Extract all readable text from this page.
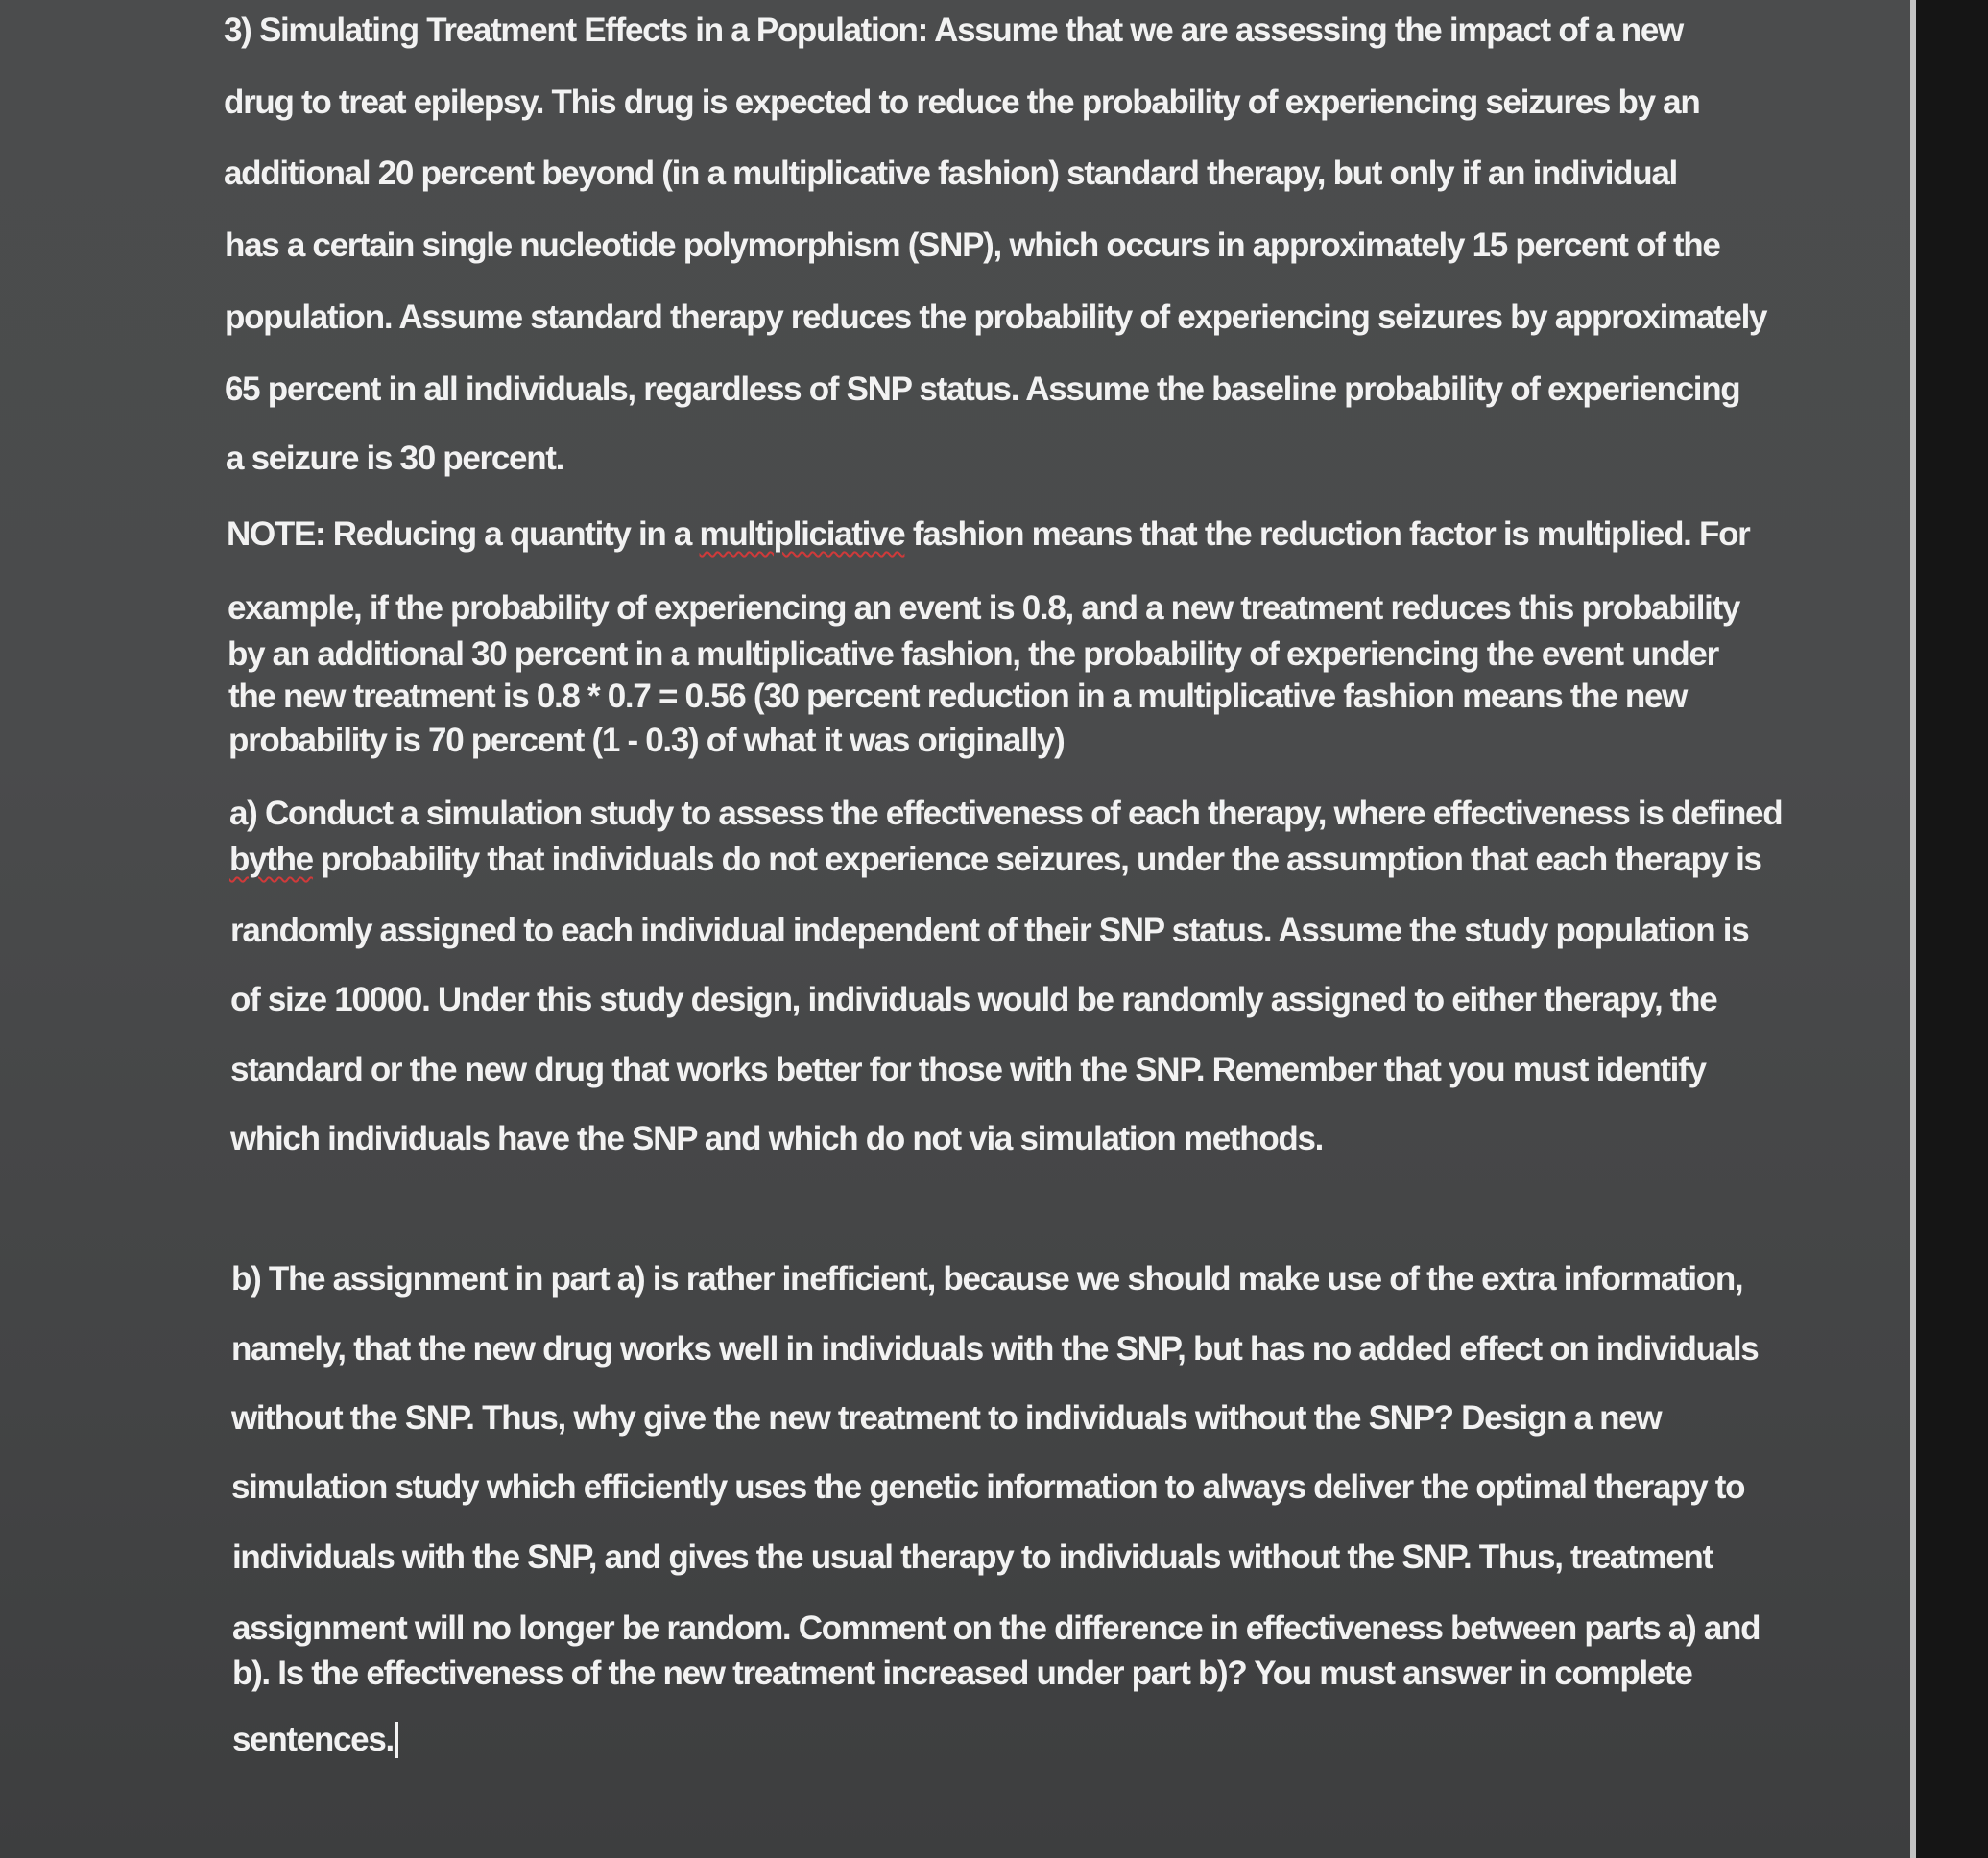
3) Simulating Treatment Effects in a Population: Assume that we are assessing the impact of a new
drug to treat epilepsy. This drug is expected to reduce the probability of experiencing seizures by an
additional 20 percent beyond (in a multiplicative fashion) standard therapy, but only if an individual
has a certain single nucleotide polymorphism (SNP), which occurs in approximately 15 percent of the
population. Assume standard therapy reduces the probability of experiencing seizures by approximately
65 percent in all individuals, regardless of SNP status. Assume the baseline probability of experiencing
a seizure is 30 percent.
NOTE: Reducing a quantity in a multipliciative fashion means that the reduction factor is multiplied. For
example, if the probability of experiencing an event is 0.8, and a new treatment reduces this probability
by an additional 30 percent in a multiplicative fashion, the probability of experiencing the event under
the new treatment is 0.8 * 0.7 = 0.56 (30 percent reduction in a multiplicative fashion means the new
probability is 70 percent (1 - 0.3) of what it was originally)
a) Conduct a simulation study to assess the effectiveness of each therapy, where effectiveness is defined
bythe probability that individuals do not experience seizures, under the assumption that each therapy is
randomly assigned to each individual independent of their SNP status. Assume the study population is
of size 10000. Under this study design, individuals would be randomly assigned to either therapy, the
standard or the new drug that works better for those with the SNP. Remember that you must identify
which individuals have the SNP and which do not via simulation methods.
b) The assignment in part a) is rather inefficient, because we should make use of the extra information,
namely, that the new drug works well in individuals with the SNP, but has no added effect on individuals
without the SNP. Thus, why give the new treatment to individuals without the SNP? Design a new
simulation study which efficiently uses the genetic information to always deliver the optimal therapy to
individuals with the SNP, and gives the usual therapy to individuals without the SNP. Thus, treatment
assignment will no longer be random. Comment on the difference in effectiveness between parts a) and
b). Is the effectiveness of the new treatment increased under part b)? You must answer in complete
sentences.
